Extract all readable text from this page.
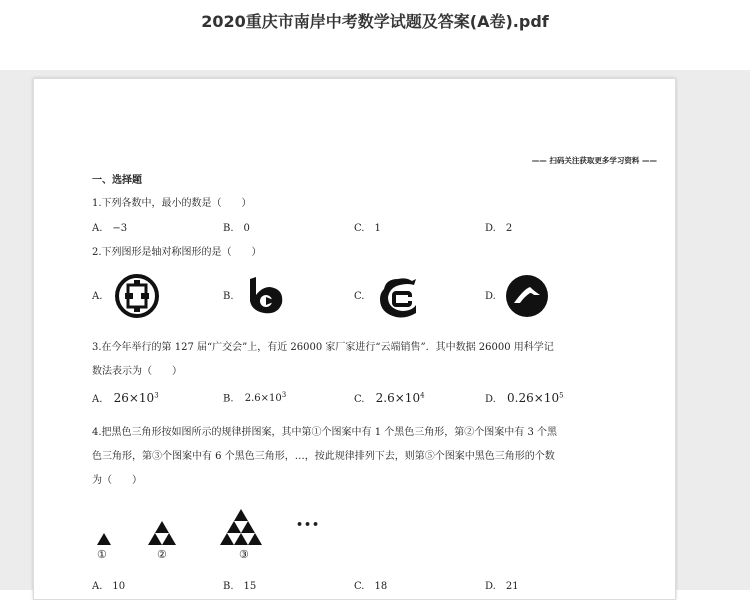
2020重庆市南岸中考数学试题及答案(A卷).pdf
—— 扫码关注获取更多学习资料 ——
一、选择题
1.下列各数中，最小的数是（　　）
A.　−3	B.　0	C.　1	D.　2
2.下列图形是轴对称图形的是（　　）
A.	B.	C.	D.
3.在今年举行的第 127 届“广交会”上，有近 26000 家厂家进行“云端销售”．其中数据 26000 用科学记
数法表示为（　　）
A. $26\times 10^3$	B. $2.6\times 10^3$	C. $2.6\times 10^4$	D. $0.26\times 10^5$
4.把黑色三角形按如图所示的规律拼图案，其中第①个图案中有 1 个黑色三角形，第②个图案中有 3 个黑
色三角形，第③个图案中有 6 个黑色三角形，…，按此规律排列下去，则第⑤个图案中黑色三角形的个数
为（　　）
•••
①	②	③
A.　10	B.　15	C.　18	D.　21
